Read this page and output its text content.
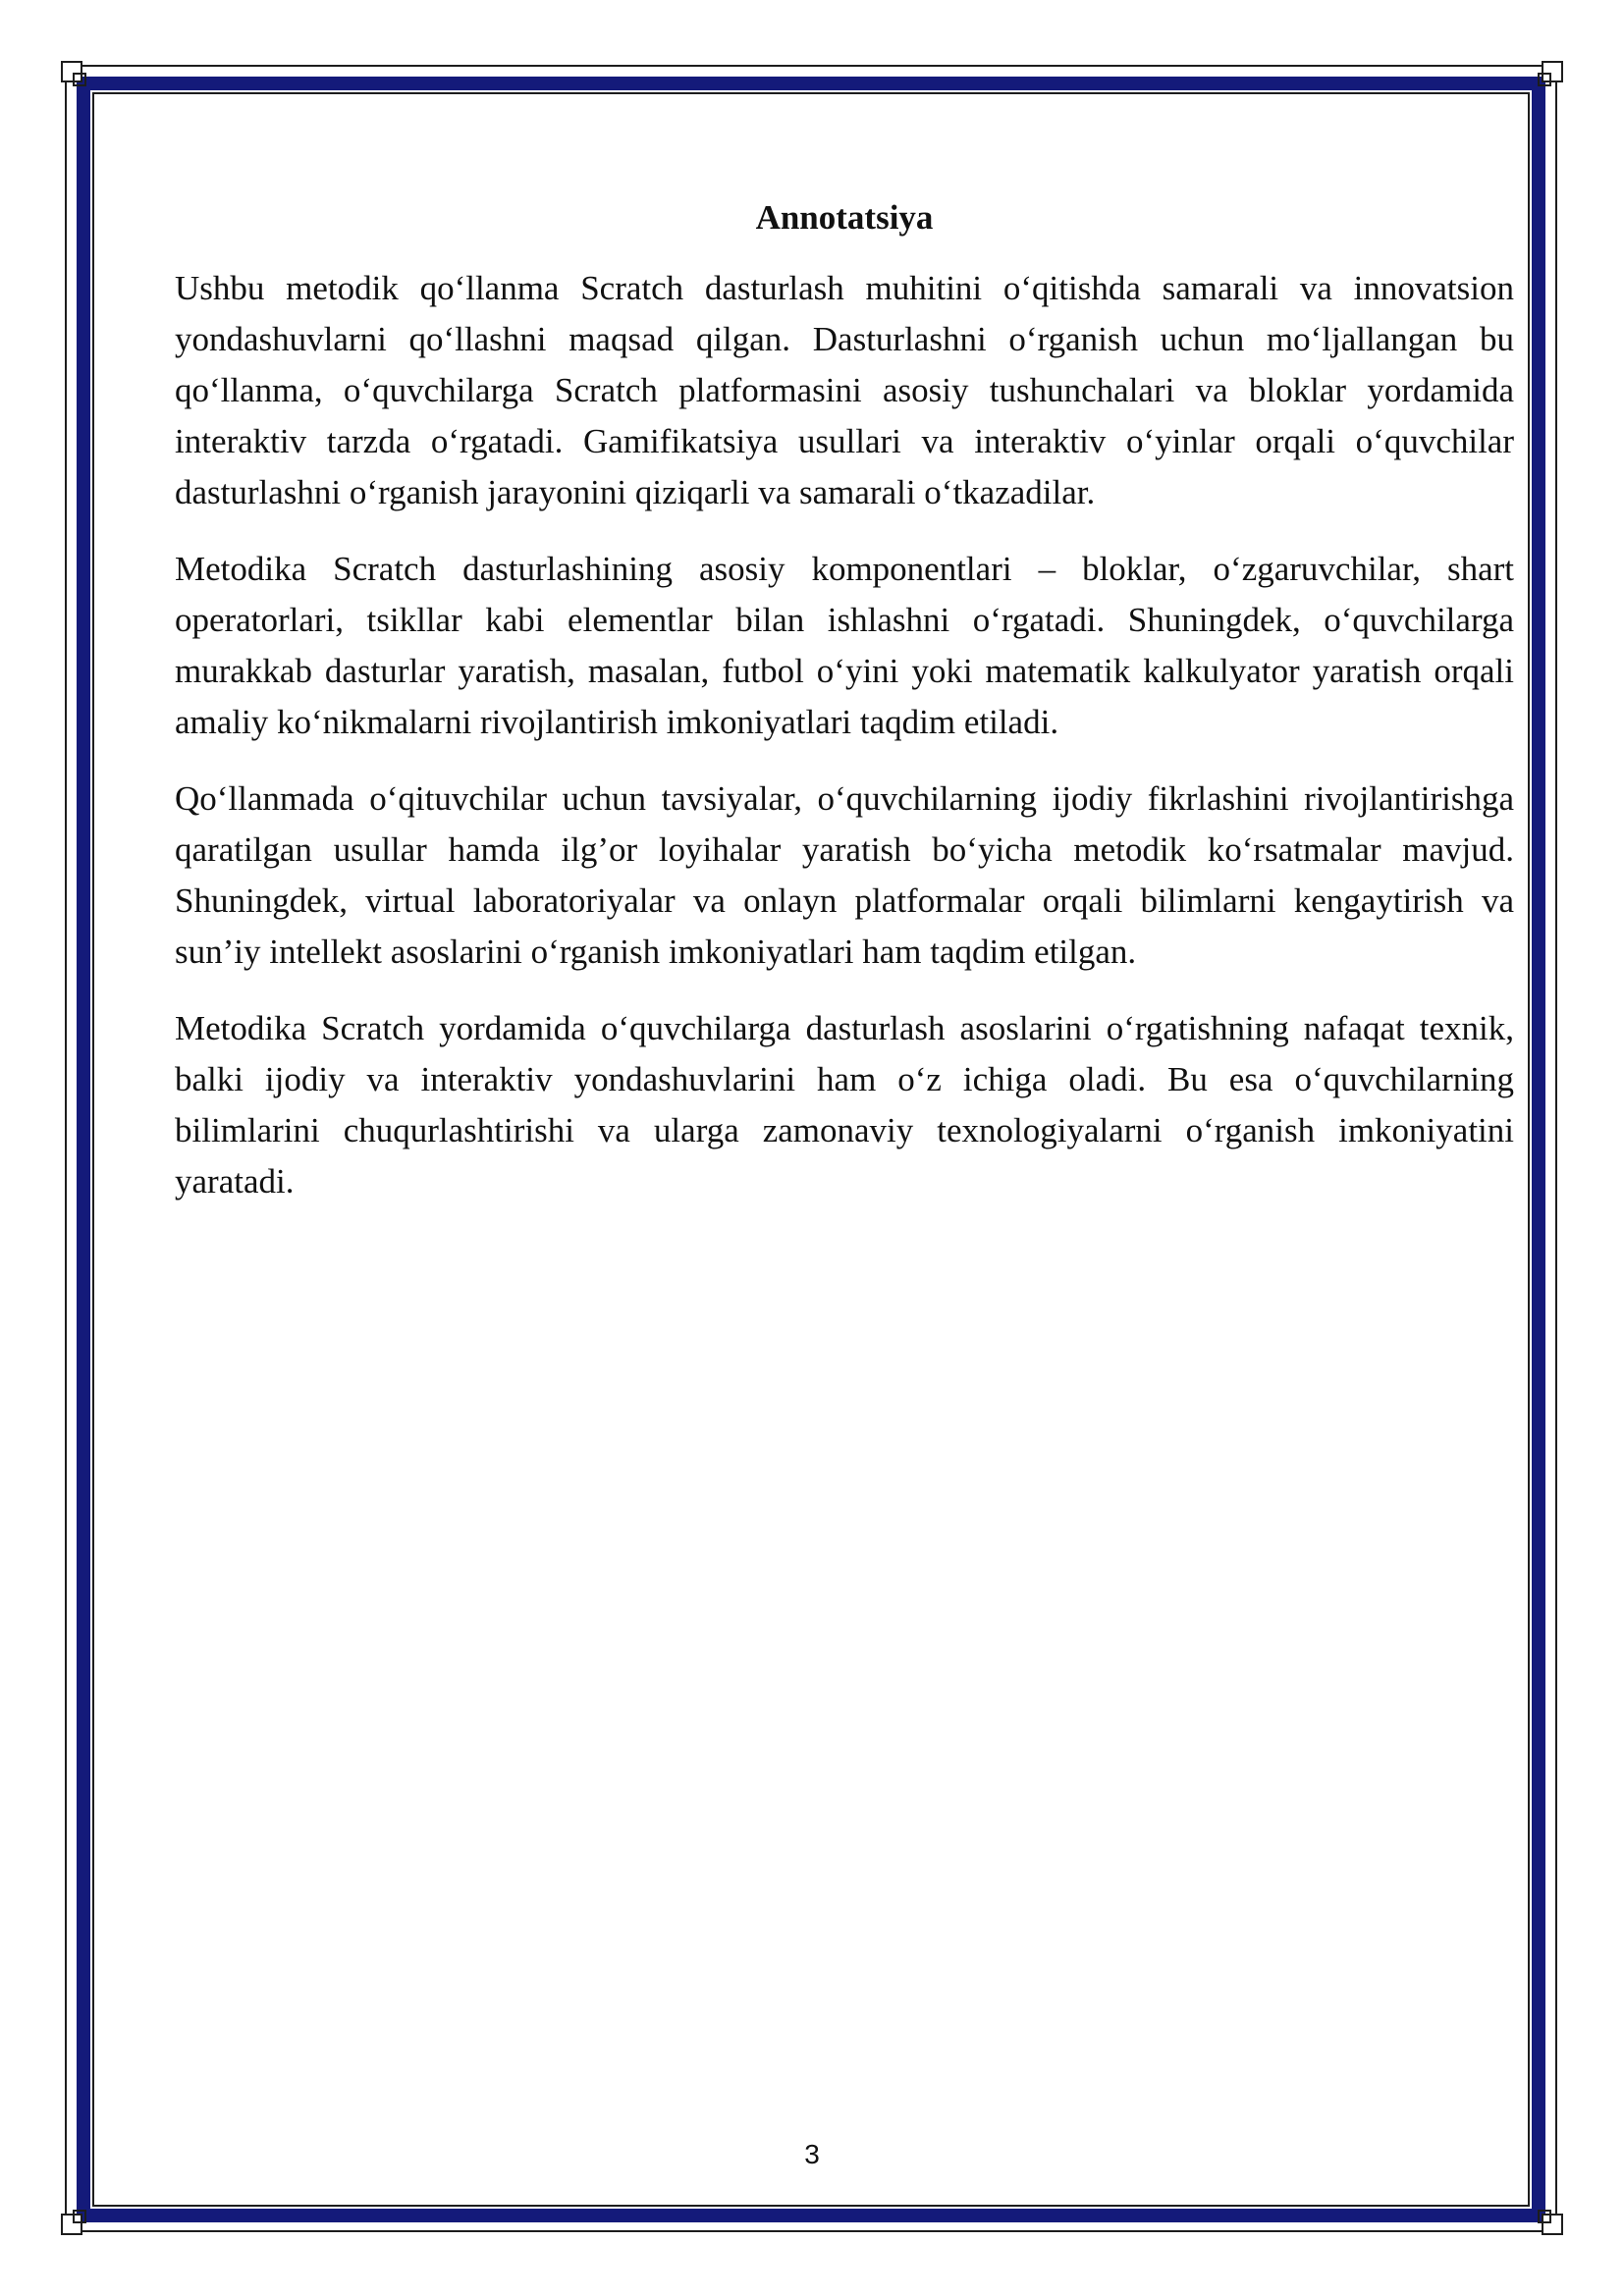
Annotatsiya

Ushbu metodik qo‘llanma Scratch dasturlash muhitini o‘qitishda samarali va innovatsion yondashuvlarni qo‘llashni maqsad qilgan. Dasturlashni o‘rganish uchun mo‘ljallangan bu qo‘llanma, o‘quvchilarga Scratch platformasini asosiy tushunchalari va bloklar yordamida interaktiv tarzda o‘rgatadi. Gamifikatsiya usullari va interaktiv o‘yinlar orqali o‘quvchilar dasturlashni o‘rganish jarayonini qiziqarli va samarali o‘tkazadilar.

Metodika Scratch dasturlashining asosiy komponentlari – bloklar, o‘zgaruvchilar, shart operatorlari, tsikllar kabi elementlar bilan ishlashni o‘rgatadi. Shuningdek, o‘quvchilarga murakkab dasturlar yaratish, masalan, futbol o‘yini yoki matematik kalkulyator yaratish orqali amaliy ko‘nikmalarni rivojlantirish imkoniyatlari taqdim etiladi.

Qo‘llanmada o‘qituvchilar uchun tavsiyalar, o‘quvchilarning ijodiy fikrlashini rivojlantirishga qaratilgan usullar hamda ilg’or loyihalar yaratish bo‘yicha metodik ko‘rsatmalar mavjud. Shuningdek, virtual laboratoriyalar va onlayn platformalar orqali bilimlarni kengaytirish va sun’iy intellekt asoslarini o‘rganish imkoniyatlari ham taqdim etilgan.

Metodika Scratch yordamida o‘quvchilarga dasturlash asoslarini o‘rgatishning nafaqat texnik, balki ijodiy va interaktiv yondashuvlarini ham o‘z ichiga oladi. Bu esa o‘quvchilarning bilimlarini chuqurlashtirishi va ularga zamonaviy texnologiyalarni o‘rganish imkoniyatini yaratadi.

3
